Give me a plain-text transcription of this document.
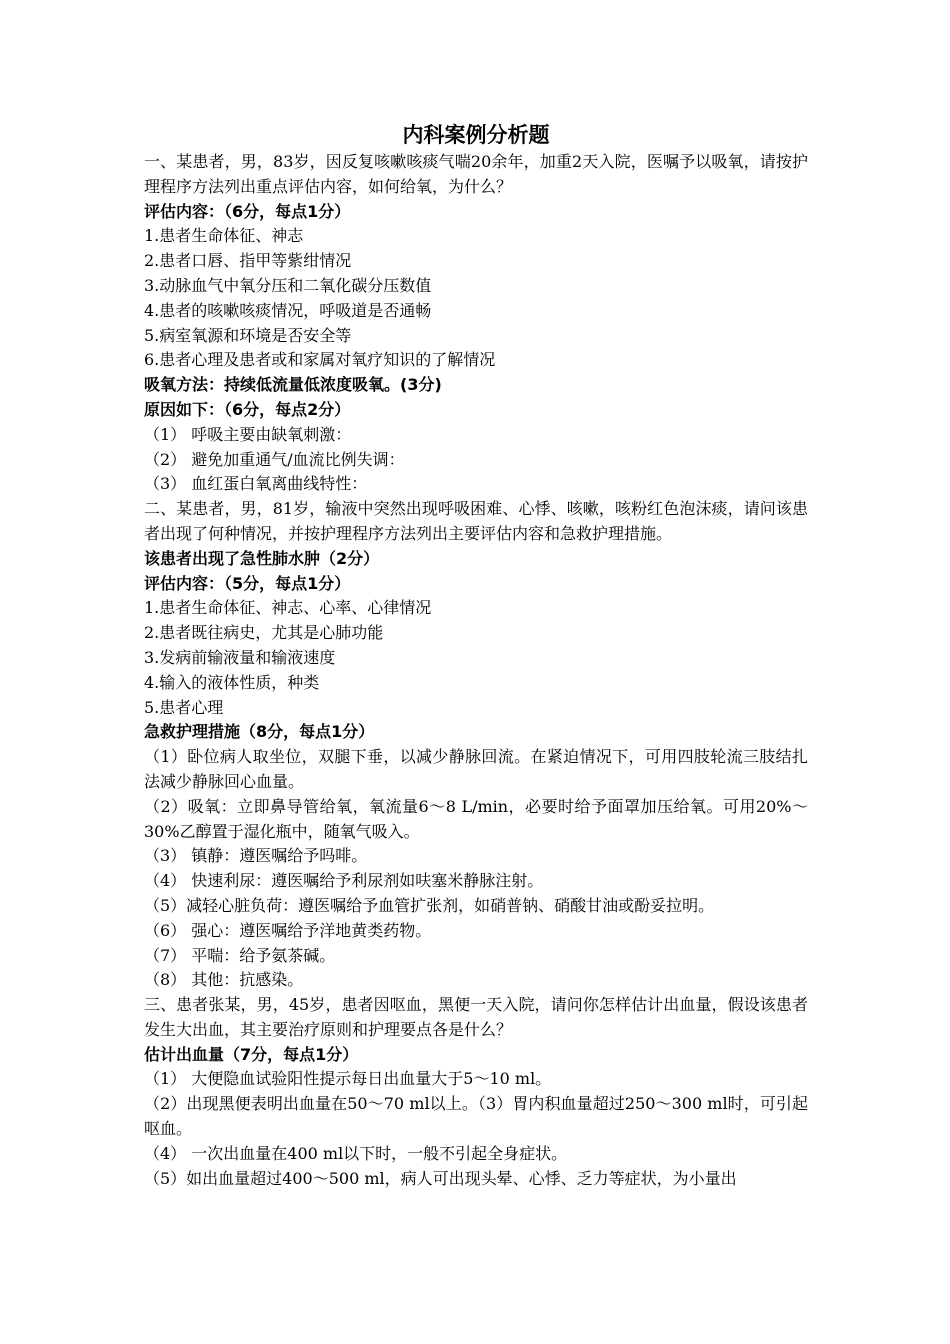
内科案例分析题

一、某患者，男，83岁，因反复咳嗽咳痰气喘20余年，加重2天入院，医嘱予以吸氧，请按护理程序方法列出重点评估内容，如何给氧，为什么？

评估内容：（6分，每点1分）

1.患者生命体征、神志

2.患者口唇、指甲等紫绀情况

3.动脉血气中氧分压和二氧化碳分压数值

4.患者的咳嗽咳痰情况，呼吸道是否通畅

5.病室氧源和环境是否安全等

6.患者心理及患者或和家属对氧疗知识的了解情况

吸氧方法：持续低流量低浓度吸氧。(3分)

原因如下：（6分，每点2分）

（1） 呼吸主要由缺氧刺激：

（2） 避免加重通气/血流比例失调：

（3） 血红蛋白氧离曲线特性：

二、某患者，男，81岁，输液中突然出现呼吸困难、心悸、咳嗽，咳粉红色泡沫痰，请问该患者出现了何种情况，并按护理程序方法列出主要评估内容和急救护理措施。

该患者出现了急性肺水肿（2分）

评估内容：（5分，每点1分）

1.患者生命体征、神志、心率、心律情况

2.患者既往病史，尤其是心肺功能

3.发病前输液量和输液速度

4.输入的液体性质，种类

5.患者心理

急救护理措施（8分，每点1分）

（1）卧位病人取坐位，双腿下垂，以减少静脉回流。在紧迫情况下，可用四肢轮流三肢结扎法减少静脉回心血量。

（2）吸氧：立即鼻导管给氧，氧流量6～8 L/min，必要时给予面罩加压给氧。可用20%～30%乙醇置于湿化瓶中，随氧气吸入。

（3） 镇静：遵医嘱给予吗啡。

（4） 快速利尿：遵医嘱给予利尿剂如呋塞米静脉注射。

（5）减轻心脏负荷：遵医嘱给予血管扩张剂，如硝普钠、硝酸甘油或酚妥拉明。

（6） 强心：遵医嘱给予洋地黄类药物。

（7） 平喘：给予氨茶碱。

（8） 其他：抗感染。

三、患者张某，男，45岁，患者因呕血，黑便一天入院，请问你怎样估计出血量，假设该患者发生大出血，其主要治疗原则和护理要点各是什么？

估计出血量（7分，每点1分）

（1） 大便隐血试验阳性提示每日出血量大于5～10 ml。

（2）出现黑便表明出血量在50～70 ml以上。（3）胃内积血量超过250～300 ml时，可引起呕血。

（4） 一次出血量在400 ml以下时，一般不引起全身症状。

（5）如出血量超过400～500 ml，病人可出现头晕、心悸、乏力等症状，为小量出
